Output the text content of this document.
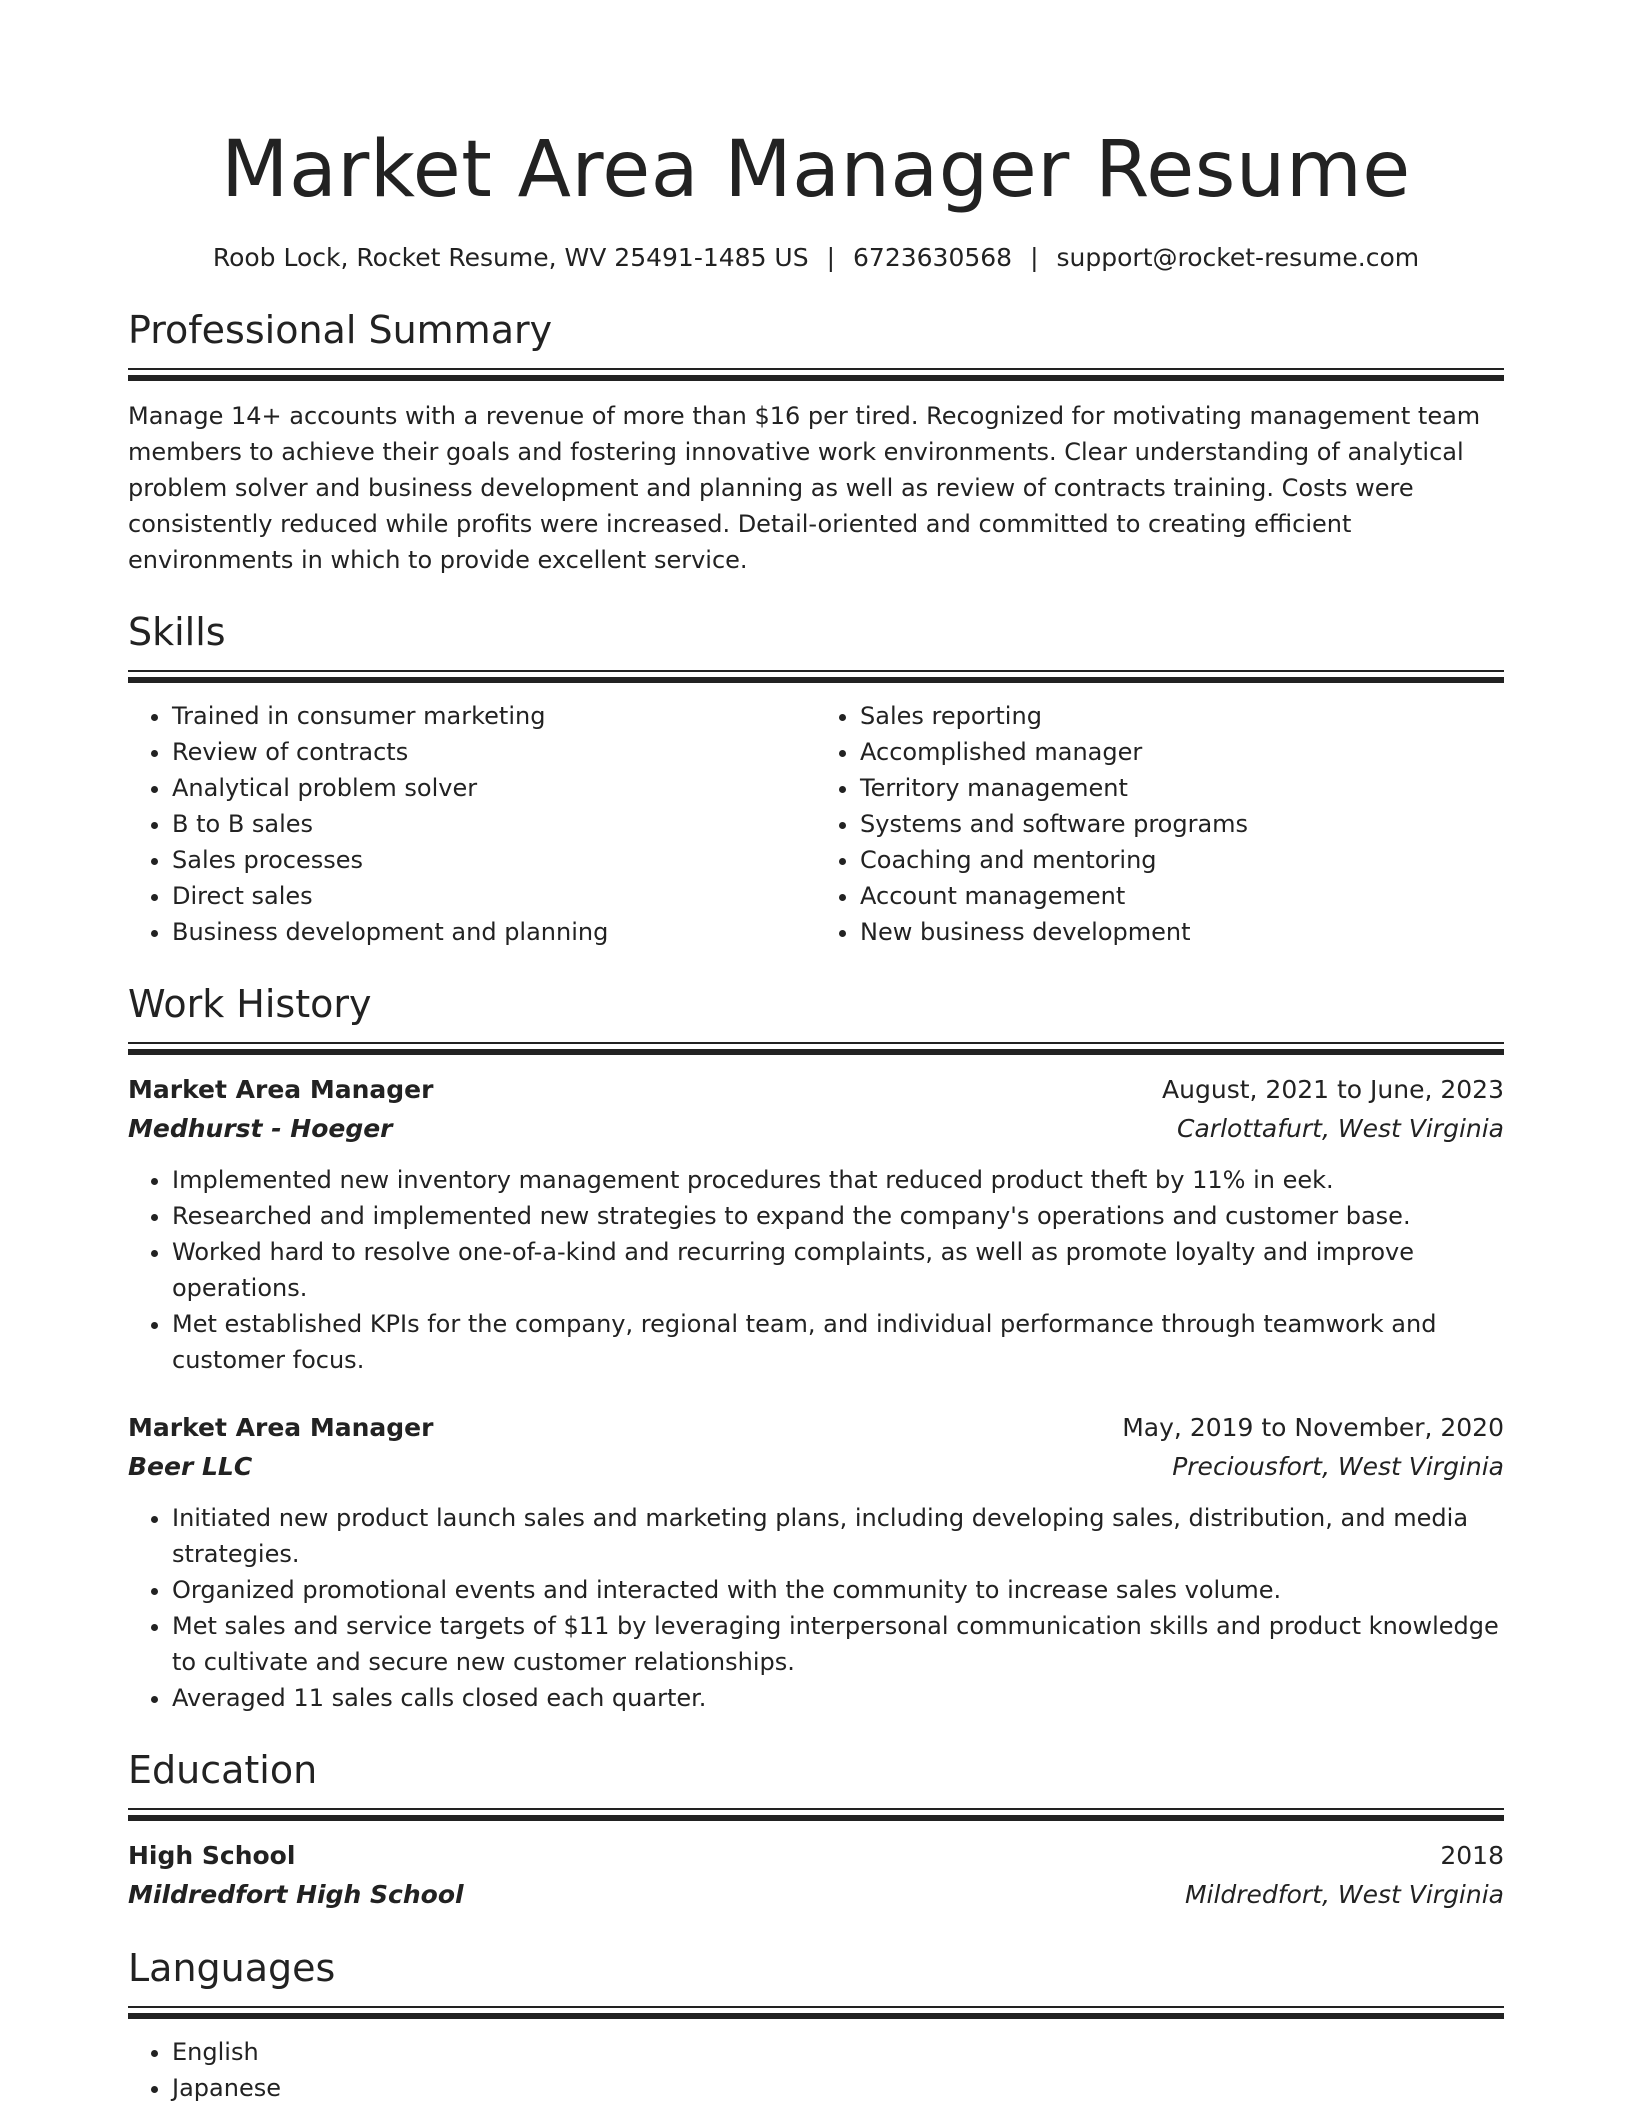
Market Area Manager Resume
Roob Lock, Rocket Resume, WV 25491-1485 US | 6723630568 | support@rocket-resume.com
Professional Summary

Manage 14+ accounts with a revenue of more than $16 per tired. Recognized for motivating management team members to achieve their goals and fostering innovative work environments. Clear understanding of analytical problem solver and business development and planning as well as review of contracts training. Costs were consistently reduced while profits were increased. Detail-oriented and committed to creating efficient environments in which to provide excellent service.

Skills
• Trained in consumer marketing
• Review of contracts
• Analytical problem solver
• B to B sales
• Sales processes
• Direct sales
• Business development and planning
• Sales reporting
• Accomplished manager
• Territory management
• Systems and software programs
• Coaching and mentoring
• Account management
• New business development
Work History
Market Area Manager	August, 2021 to June, 2023
Medhurst - Hoeger	Carlottafurt, West Virginia
• Implemented new inventory management procedures that reduced product theft by 11% in eek.
• Researched and implemented new strategies to expand the company's operations and customer base.
• Worked hard to resolve one-of-a-kind and recurring complaints, as well as promote loyalty and improve operations.
• Met established KPIs for the company, regional team, and individual performance through teamwork and customer focus.
Market Area Manager	May, 2019 to November, 2020
Beer LLC	Preciousfort, West Virginia
• Initiated new product launch sales and marketing plans, including developing sales, distribution, and media strategies.
• Organized promotional events and interacted with the community to increase sales volume.
• Met sales and service targets of $11 by leveraging interpersonal communication skills and product knowledge to cultivate and secure new customer relationships.
• Averaged 11 sales calls closed each quarter.
Education
High School	2018
Mildredfort High School	Mildredfort, West Virginia
Languages
• English
• Japanese
